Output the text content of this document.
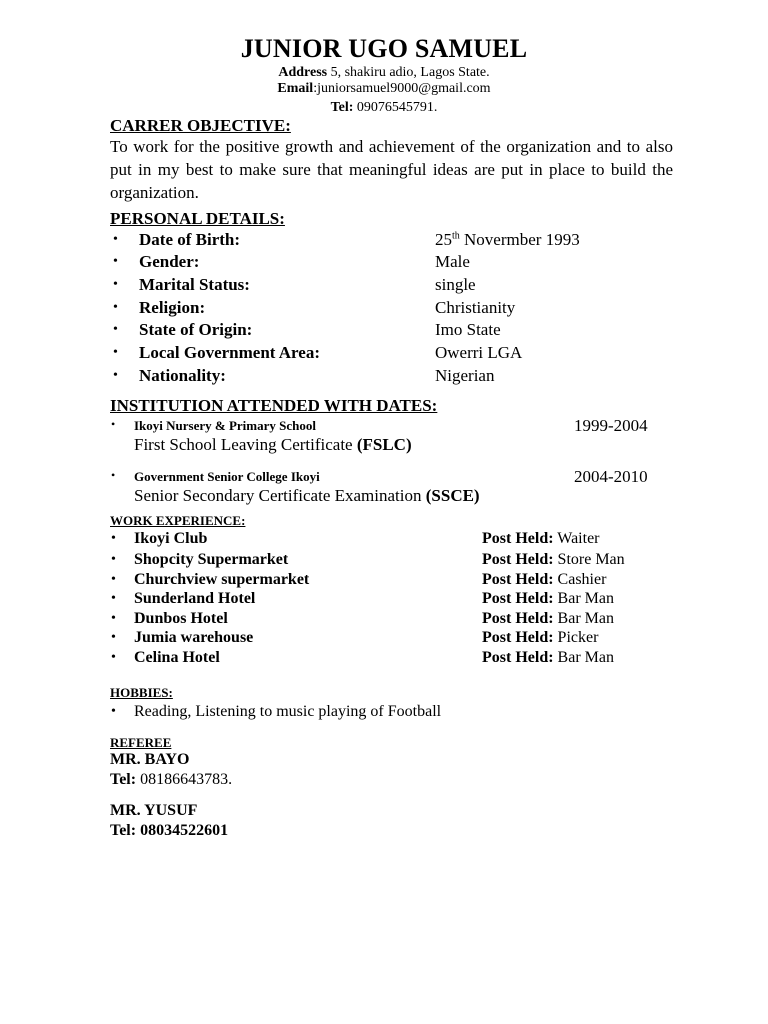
JUNIOR UGO SAMUEL
Address 5, shakiru adio, Lagos State.
Email:juniorsamuel9000@gmail.com
Tel: 09076545791.
CARRER OBJECTIVE:
To work for the positive growth and achievement of the organization and to also put in my best to make sure that meaningful ideas are put in place to build the organization.
PERSONAL DETAILS:
• Date of Birth:	25th Novermber 1993
• Gender:	Male
• Marital Status:	single
• Religion:	Christianity
• State of Origin:	Imo State
• Local Government Area:	Owerri LGA
• Nationality:	Nigerian
INSTITUTION ATTENDED WITH DATES:
• Ikoyi Nursery & Primary School	1999-2004
First School Leaving Certificate (FSLC)
• Government Senior College Ikoyi	2004-2010
Senior Secondary Certificate Examination (SSCE)
WORK EXPERIENCE:
• Ikoyi Club	Post Held: Waiter
• Shopcity Supermarket	Post Held: Store Man
• Churchview supermarket	Post Held: Cashier
• Sunderland Hotel	Post Held: Bar Man
• Dunbos Hotel	Post Held: Bar Man
• Jumia warehouse	Post Held: Picker
• Celina Hotel	Post Held: Bar Man
HOBBIES:
• Reading, Listening to music playing of Football
REFEREE
MR. BAYO
Tel: 08186643783.
MR. YUSUF
Tel: 08034522601
